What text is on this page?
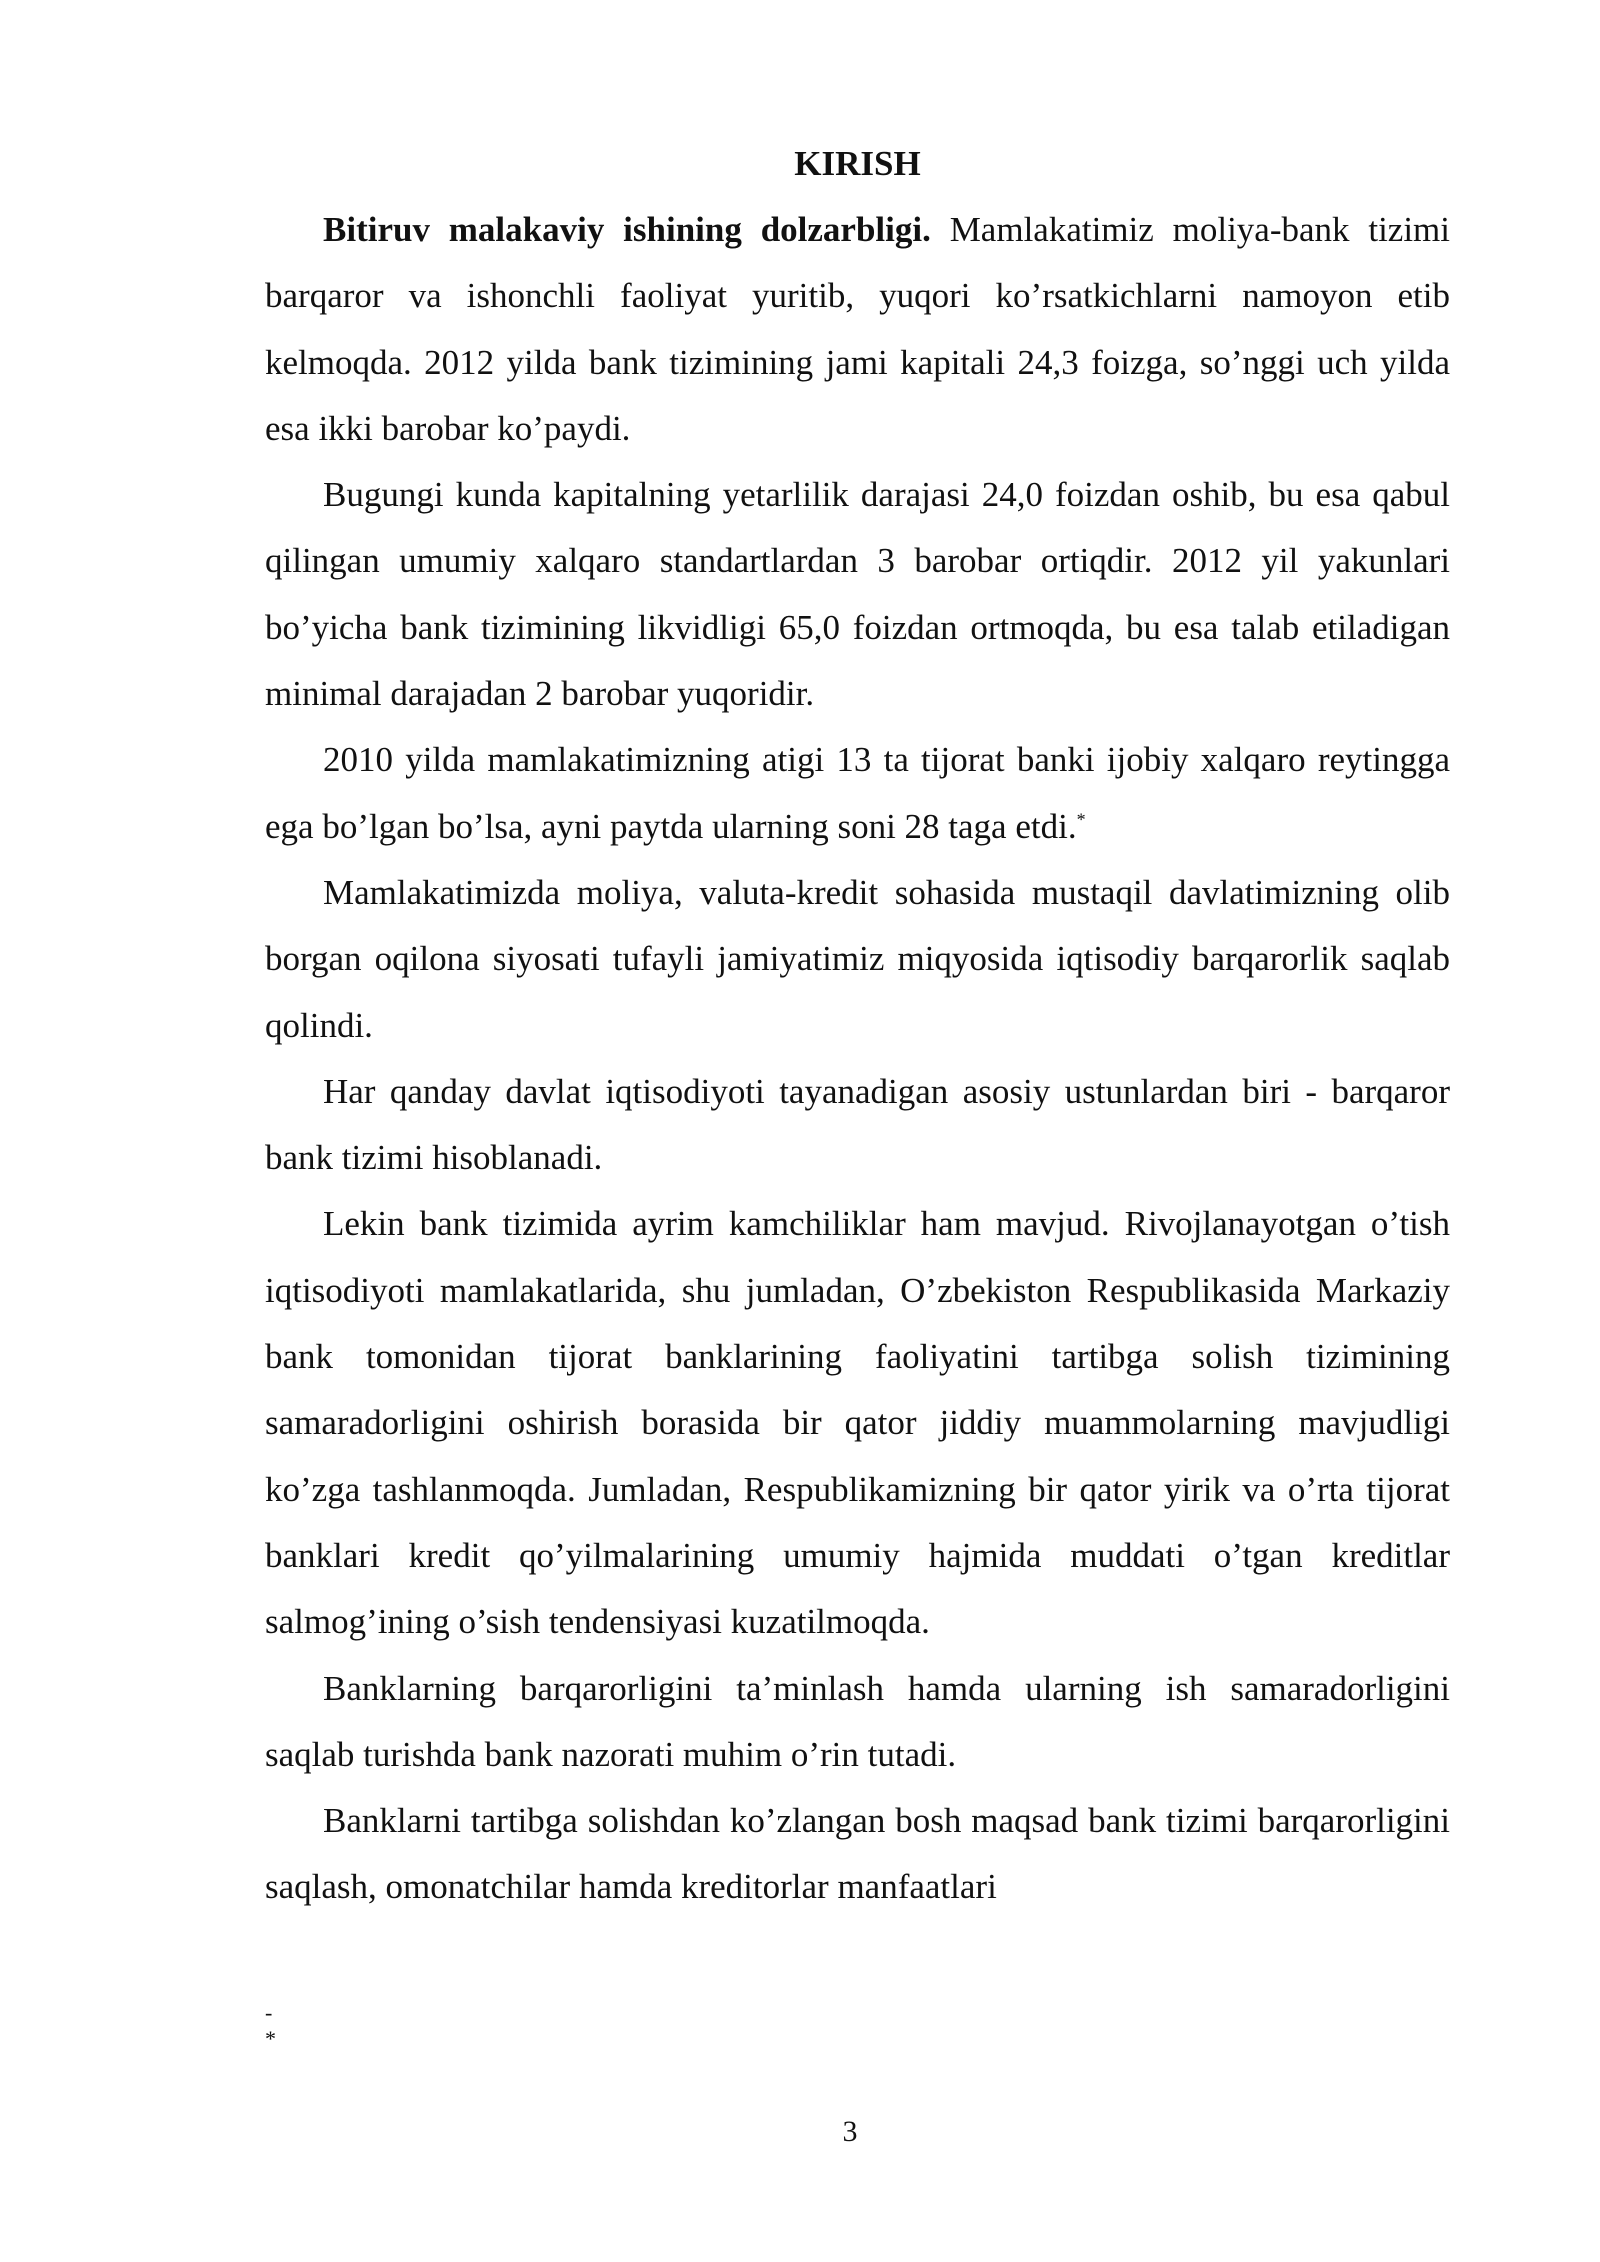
KIRISH

Bitiruv malakaviy ishining dolzarbligi. Mamlakatimiz moliya-bank tizimi barqaror va ishonchli faoliyat yuritib, yuqori ko’rsatkichlarni namoyon etib kelmoqda. 2012 yilda bank tizimining jami kapitali 24,3 foizga, so’nggi uch yilda esa ikki barobar ko’paydi.

Bugungi kunda kapitalning yetarlilik darajasi 24,0 foizdan oshib, bu esa qabul qilingan umumiy xalqaro standartlardan 3 barobar ortiqdir. 2012 yil yakunlari bo’yicha bank tizimining likvidligi 65,0 foizdan ortmoqda, bu esa talab etiladigan minimal darajadan 2 barobar yuqoridir.

2010 yilda mamlakatimizning atigi 13 ta tijorat banki ijobiy xalqaro reytingga ega bo’lgan bo’lsa, ayni paytda ularning soni 28 taga etdi.*

Mamlakatimizda moliya, valuta-kredit sohasida mustaqil davlatimizning olib borgan oqilona siyosati tufayli jamiyatimiz miqyosida iqtisodiy barqarorlik saqlab qolindi.

Har qanday davlat iqtisodiyoti tayanadigan asosiy ustunlardan biri - barqaror bank tizimi hisoblanadi.

Lekin bank tizimida ayrim kamchiliklar ham mavjud. Rivojlanayotgan o’tish iqtisodiyoti mamlakatlarida, shu jumladan, O’zbekiston Respublikasida Markaziy bank tomonidan tijorat banklarining faoliyatini tartibga solish tizimining samaradorligini oshirish borasida bir qator jiddiy muammolarning mavjudligi ko’zga tashlanmoqda. Jumladan, Respublikamizning bir qator yirik va o’rta tijorat banklari kredit qo’yilmalarining umumiy hajmida muddati o’tgan kreditlar salmog’ining o’sish tendensiyasi kuzatilmoqda.

Banklarning barqarorligini ta’minlash hamda ularning ish samaradorligini saqlab turishda bank nazorati muhim o’rin tutadi.

Banklarni tartibga solishdan ko’zlangan bosh maqsad bank tizimi barqarorligini saqlash, omonatchilar hamda kreditorlar manfaatlari

-
*
3
